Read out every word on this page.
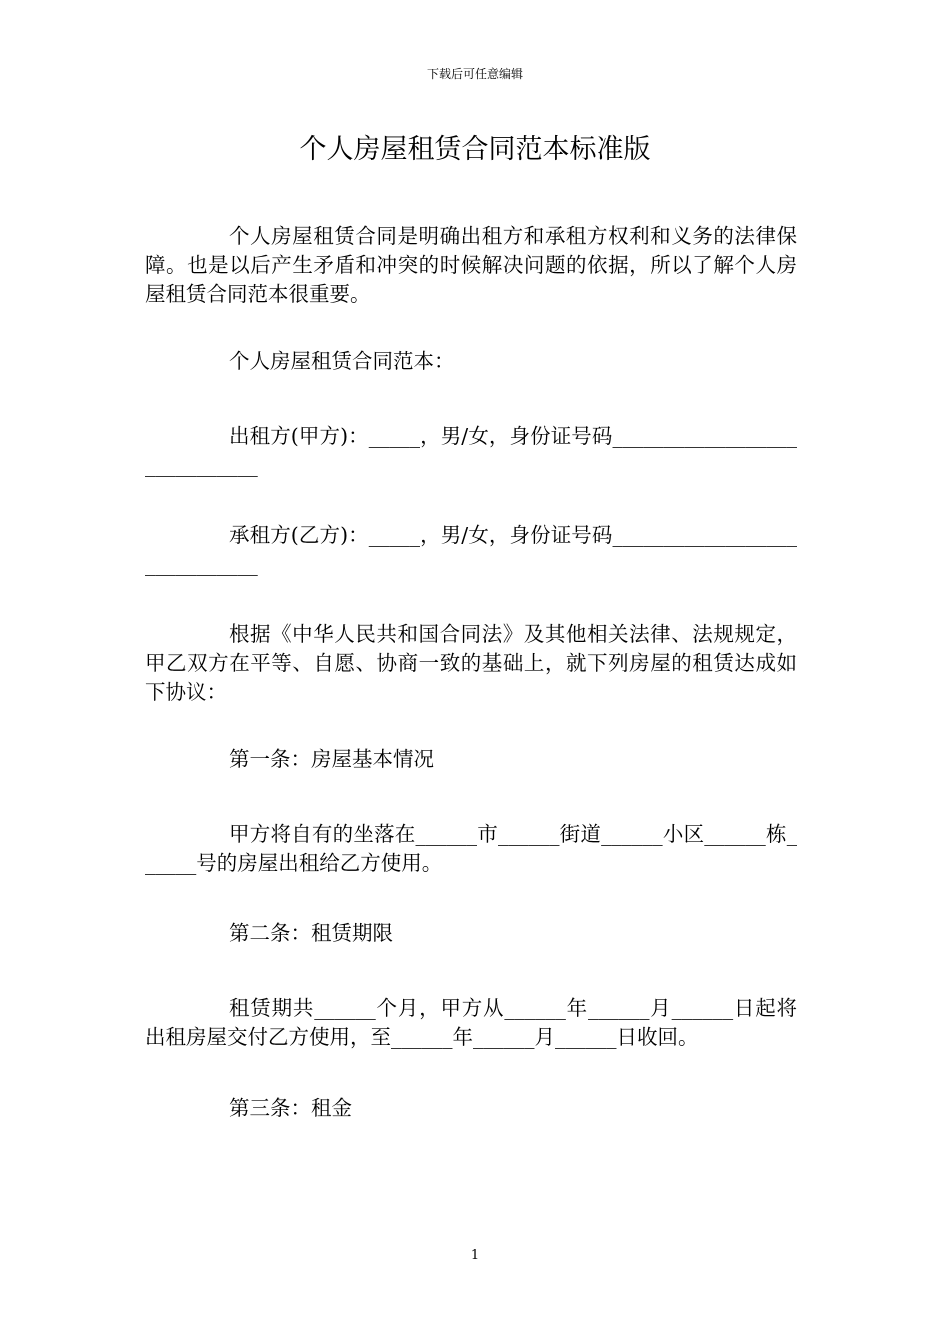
下载后可任意编辑
个人房屋租赁合同范本标准版

个人房屋租赁合同是明确出租方和承租方权利和义务的法律保障。也是以后产生矛盾和冲突的时候解决问题的依据，所以了解个人房屋租赁合同范本很重要。

个人房屋租赁合同范本：

出租方(甲方)：_____，男/女，身份证号码_____________________________

承租方(乙方)：_____，男/女，身份证号码_____________________________

根据《中华人民共和国合同法》及其他相关法律、法规规定，甲乙双方在平等、自愿、协商一致的基础上，就下列房屋的租赁达成如下协议：

第一条：房屋基本情况

甲方将自有的坐落在______市______街道______小区______栋______号的房屋出租给乙方使用。

第二条：租赁期限

租赁期共______个月，甲方从______年______月______日起将出租房屋交付乙方使用，至______年______月______日收回。

第三条：租金

1
